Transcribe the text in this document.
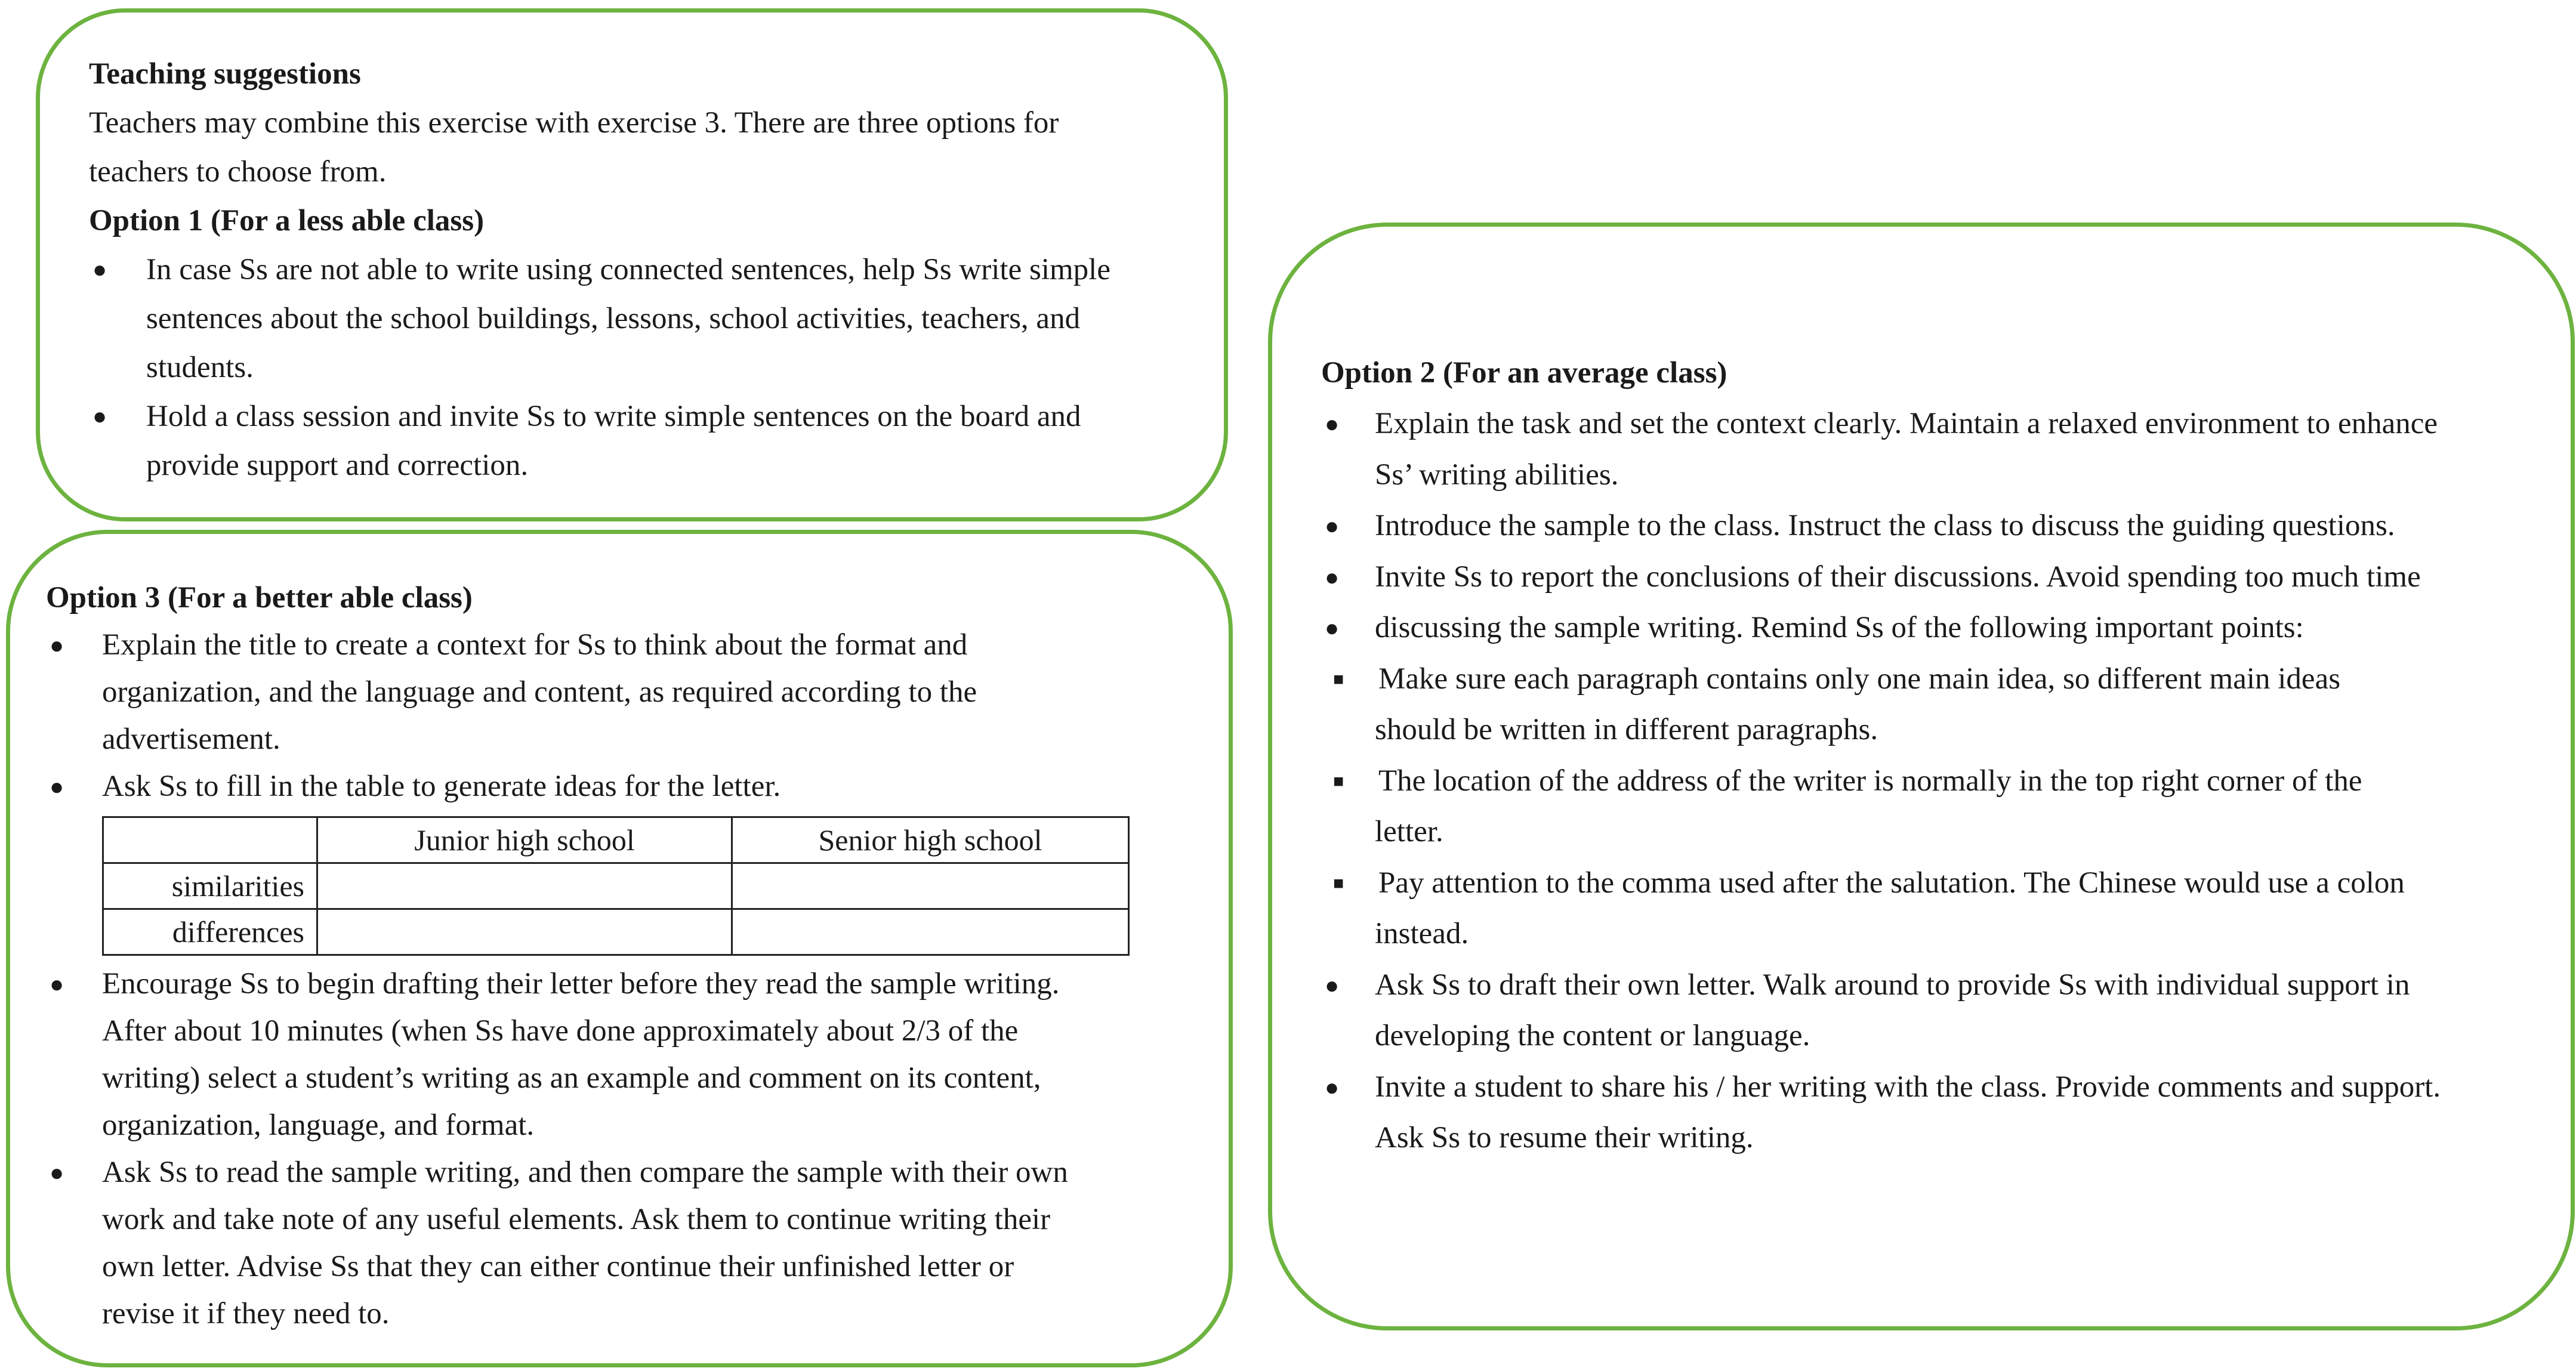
Teaching suggestions
Teachers may combine this exercise with exercise 3. There are three options for
teachers to choose from.
Option 1 (For a less able class)
● In case Ss are not able to write using connected sentences, help Ss write simple
sentences about the school buildings, lessons, school activities, teachers, and
students.
● Hold a class session and invite Ss to write simple sentences on the board and
provide support and correction.
Option 3 (For a better able class)
● Explain the title to create a context for Ss to think about the format and
organization, and the language and content, as required according to the
advertisement.
● Ask Ss to fill in the table to generate ideas for the letter.
	Junior high school	Senior high school
similarities		
differences		
● Encourage Ss to begin drafting their letter before they read the sample writing.
After about 10 minutes (when Ss have done approximately about 2/3 of the
writing) select a student’s writing as an example and comment on its content,
organization, language, and format.
● Ask Ss to read the sample writing, and then compare the sample with their own
work and take note of any useful elements. Ask them to continue writing their
own letter. Advise Ss that they can either continue their unfinished letter or
revise it if they need to.
Option 2 (For an average class)
● Explain the task and set the context clearly. Maintain a relaxed environment to enhance
Ss’ writing abilities.
● Introduce the sample to the class. Instruct the class to discuss the guiding questions.
● Invite Ss to report the conclusions of their discussions. Avoid spending too much time
● discussing the sample writing. Remind Ss of the following important points:
■ Make sure each paragraph contains only one main idea, so different main ideas
should be written in different paragraphs.
■ The location of the address of the writer is normally in the top right corner of the
letter.
■ Pay attention to the comma used after the salutation. The Chinese would use a colon
instead.
● Ask Ss to draft their own letter. Walk around to provide Ss with individual support in
developing the content or language.
● Invite a student to share his / her writing with the class. Provide comments and support.
Ask Ss to resume their writing.
